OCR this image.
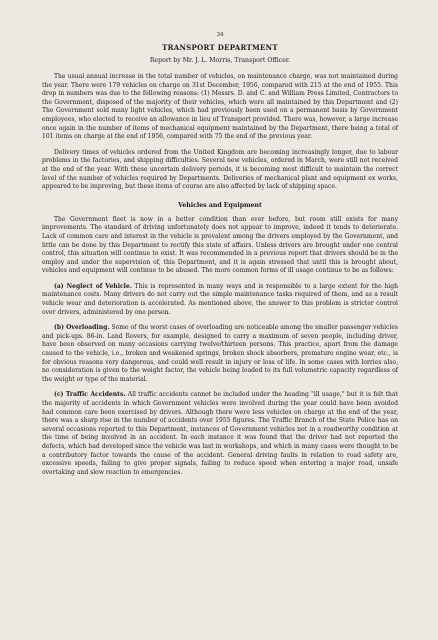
34
TRANSPORT DEPARTMENT
Report by Mr. J. L. Morris, Transport Officer.

The usual annual increase in the total number of vehicles, on maintenance charge, was not maintained during the year. There were 179 vehicles on charge on 31st December, 1956, compared with 215 at the end of 1955. This drop in numbers was due to the following reasons: (1) Messrs. D. and C. and William Press Limited, Contractors to the Government, disposed of the majority of their vehicles, which were all maintained by this Department and (2) The Government sold many light vehicles, which had previously been used on a permanent basis by Government employees, who elected to receive an allowance in lieu of Transport provided. There was, however, a large increase once again in the number of items of mechanical equipment maintained by the Department, there being a total of 101 items on charge at the end of 1956, compared with 75 the end of the previous year.

Delivery times of vehicles ordered from the United Kingdom are becoming increasingly longer, due to labour problems in the factories, and shipping difficulties. Several new vehicles, ordered in March, were still not received at the end of the year. With these uncertain delivery periods, it is becoming most difficult to maintain the correct level of the number of vehicles required by Departments. Deliveries of mechanical plant and equipment ex works, appeared to be improving, but these items of course are also affected by lack of shipping space.

Vehicles and Equipment

The Government fleet is now in a better condition than ever before, but room still exists for many improvements. The standard of driving unfortunately does not appear to improve, indeed it tends to deteriorate. Lack of common care and interest in the vehicle is prevalent among the drivers employed by the Government, and little can be done by this Department to rectify this state of affairs. Unless drivers are brought under one central control, this situation will continue to exist. It was recommended in a previous report that drivers should be in the employ and under the supervision of, this Department, and it is again stressed that until this is brought about, vehicles and equipment will continue to be abused. The more common forms of ill usage continue to be as follows:

(a) Neglect of Vehicle. This is represented in many ways and is responsible to a large extent for the high maintenance costs. Many drivers do not carry out the simple maintenance tasks required of them, and as a result vehicle wear and deterioration is accelerated. As mentioned above, the answer to this problem is stricter control over drivers, administered by one person.

(b) Overloading. Some of the worst cases of overloading are noticeable among the smaller passenger vehicles and pick-ups. 86-in. Land Rovers, for example, designed to carry a maximum of seven people, including driver, have been observed on many occasions carrying twelve/thirteen persons. This practice, apart from the damage caused to the vehicle, i.e., broken and weakened springs, broken shock absorbers, premature engine wear, etc., is for obvious reasons very dangerous, and could well result in injury or loss of life. In some cases with lorries also, no consideration is given to the weight factor, the vehicle being loaded to its full volumetric capacity regardless of the weight or type of the material.

(c) Traffic Accidents. All traffic accidents cannot be included under the heading "ill usage," but it is felt that the majority of accidents in which Government vehicles were involved during the year could have been avoided had common care been exercised by drivers. Although there were less vehicles on charge at the end of the year, there was a sharp rise in the number of accidents over 1955 figures. The Traffic Branch of the State Police has on several occasions reported to this Department, instances of Government vehicles not in a roadworthy condition at the time of being involved in an accident. In each instance it was found that the driver had not reported the defects, which had developed since the vehicle was last in workshops, and which in many cases were thought to be a contributory factor towards the cause of the accident. General driving faults in relation to road safety are, excessive speeds, failing to give proper signals, failing to reduce speed when entering a major road, unsafe overtaking and slow reaction to emergencies.
